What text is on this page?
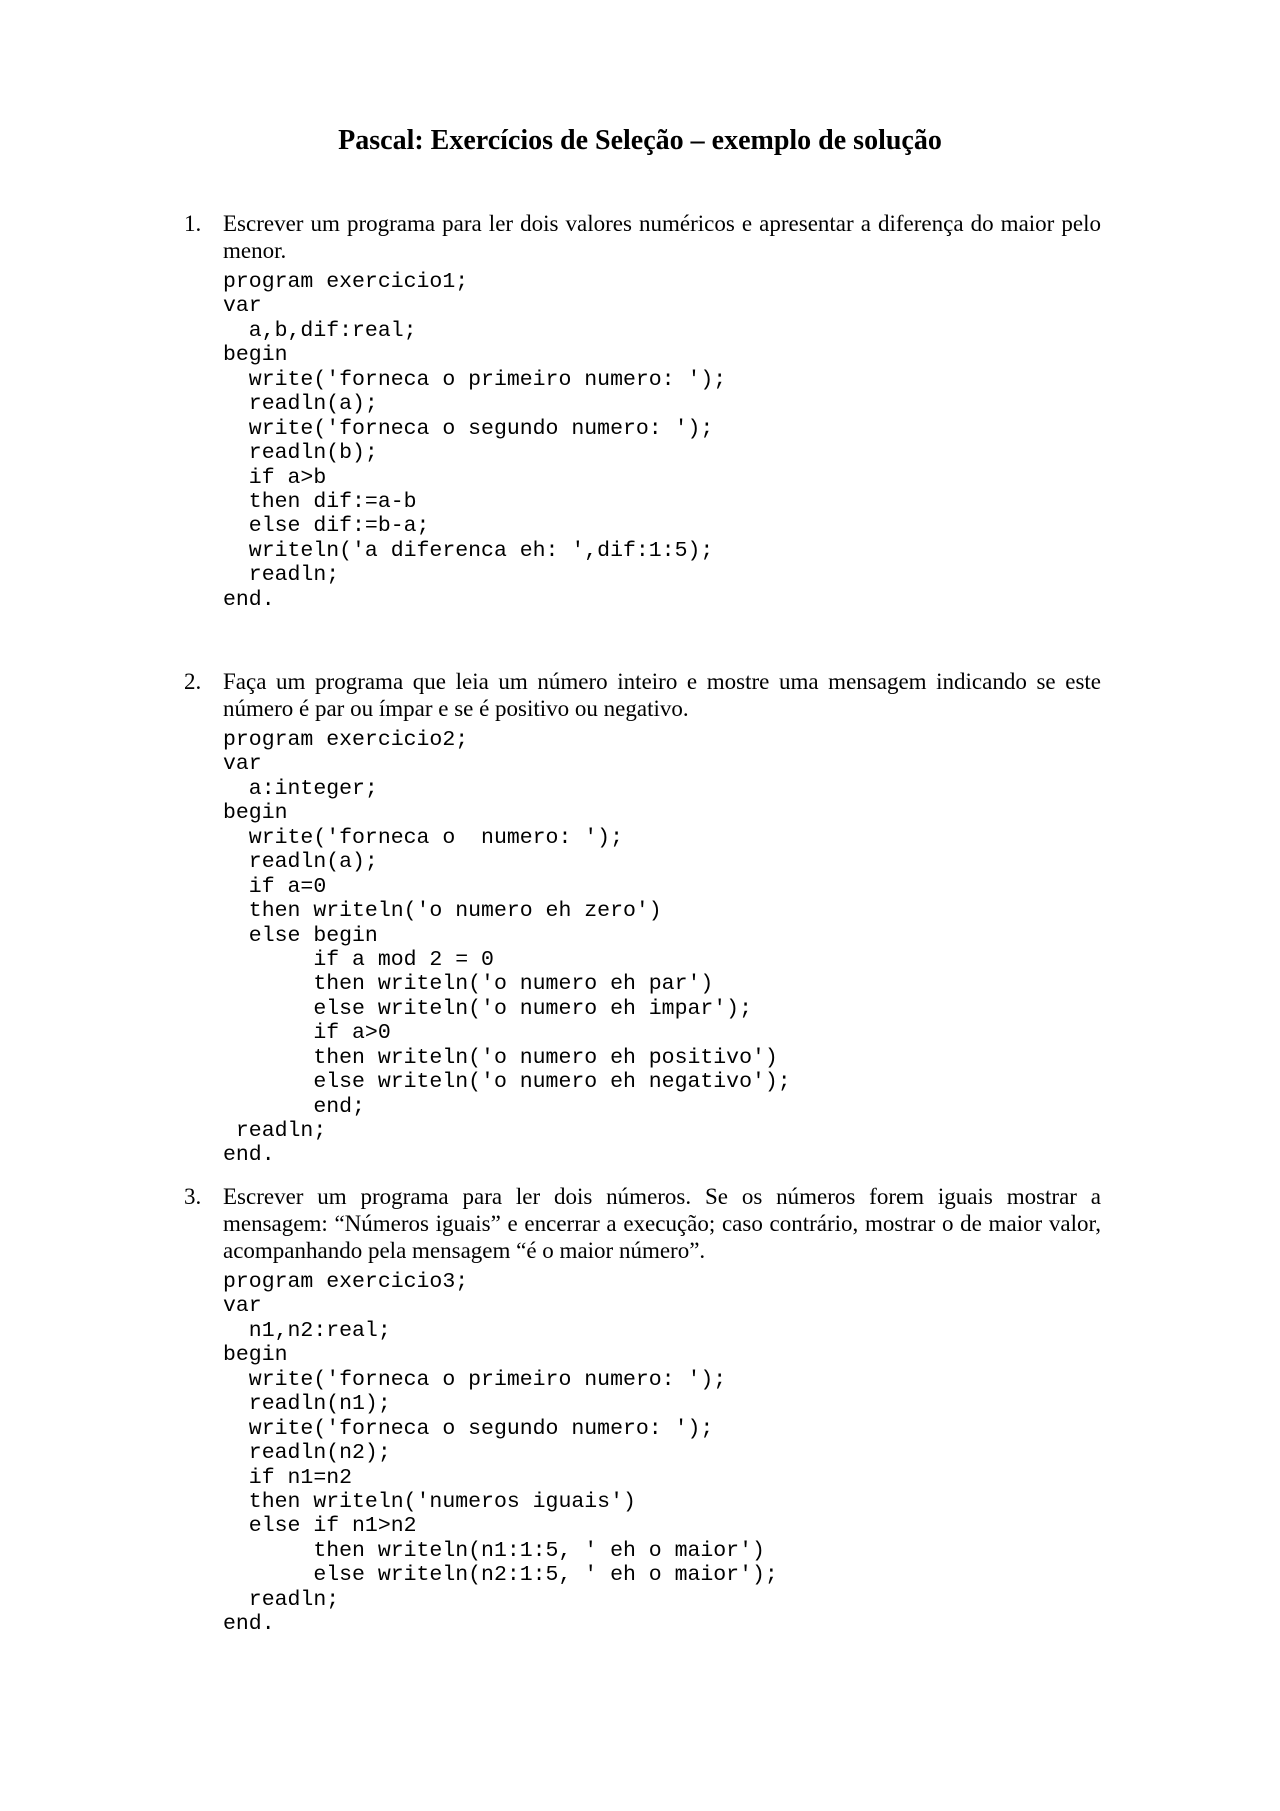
Pascal: Exercícios de Seleção – exemplo de solução
1. Escrever um programa para ler dois valores numéricos e apresentar a diferença do maior pelo menor.

program exercicio1;
var
a,b,dif:real;
begin
write('forneca o primeiro numero: ');
readln(a);
write('forneca o segundo numero: ');
readln(b);
if a>b
then dif:=a-b
else dif:=b-a;
writeln('a diferenca eh: ',dif:1:5);
readln;
end.
2. Faça um programa que leia um número inteiro e mostre uma mensagem indicando se este número é par ou ímpar e se é positivo ou negativo.

program exercicio2;
var
a:integer;
begin
write('forneca o  numero: ');
readln(a);
if a=0
then writeln('o numero eh zero')
else begin
if a mod 2 = 0
then writeln('o numero eh par')
else writeln('o numero eh impar');
if a>0
then writeln('o numero eh positivo')
else writeln('o numero eh negativo');
end;
readln;
end.
3. Escrever um programa para ler dois números. Se os números forem iguais mostrar a mensagem: “Números iguais” e encerrar a execução; caso contrário, mostrar o de maior valor, acompanhando pela mensagem “é o maior número”.

program exercicio3;
var
n1,n2:real;
begin
write('forneca o primeiro numero: ');
readln(n1);
write('forneca o segundo numero: ');
readln(n2);
if n1=n2
then writeln('numeros iguais')
else if n1>n2
then writeln(n1:1:5, ' eh o maior')
else writeln(n2:1:5, ' eh o maior');
readln;
end.
